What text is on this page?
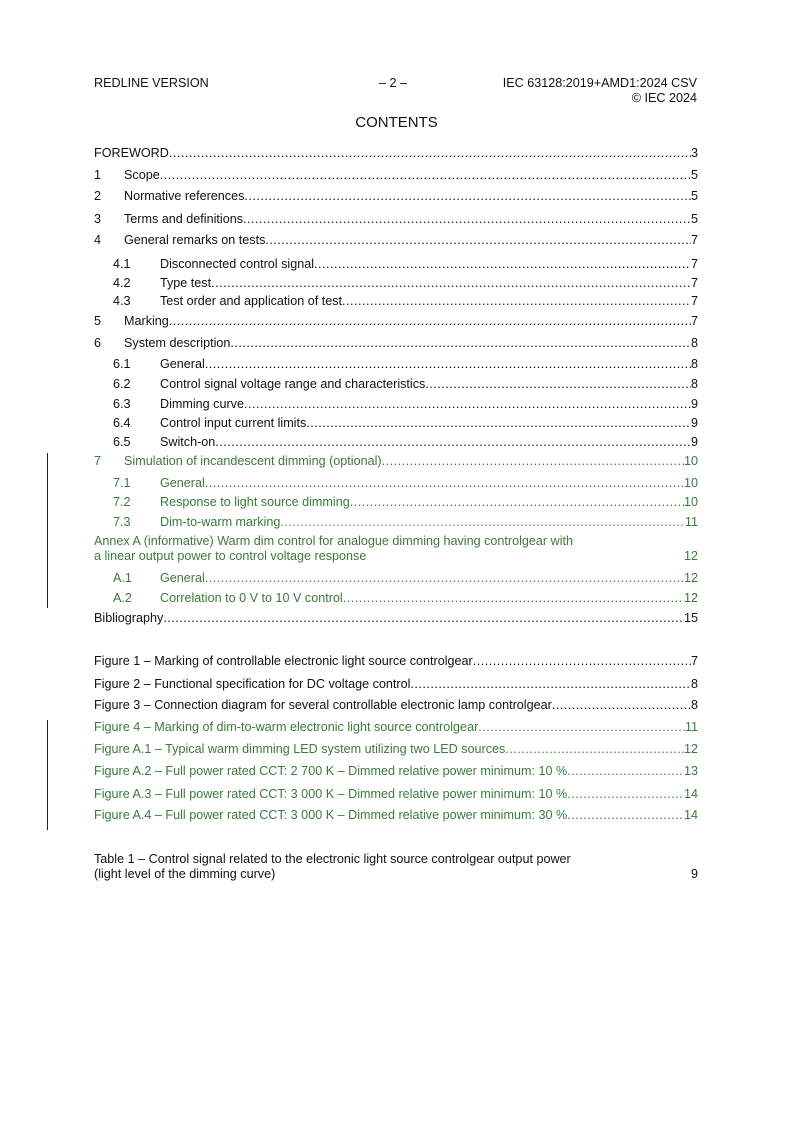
REDLINE VERSION	– 2 –	IEC 63128:2019+AMD1:2024 CSV
© IEC 2024
CONTENTS
Annex A (informative) Warm dim control for analogue dimming having controlgear with
a linear output power to control voltage response	12
Table 1 – Control signal related to the electronic light source controlgear output power
(light level of the dimming curve)	9
FOREWORD .....	3
1	Scope .....	5
2	Normative references .....	5
3	Terms and definitions .....	5
4	General remarks on tests .....	7
4.1	Disconnected control signal .....	7
4.2	Type test .....	7
4.3	Test order and application of test .....	7
5	Marking .....	7
6	System description .....	8
6.1	General .....	8
6.2	Control signal voltage range and characteristics .....	8
6.3	Dimming curve .....	9
6.4	Control input current limits .....	9
6.5	Switch-on .....	9
7	Simulation of incandescent dimming (optional) .....	10
7.1	General .....	10
7.2	Response to light source dimming .....	10
7.3	Dim-to-warm marking .....	11
A.1	General .....	12
A.2	Correlation to 0 V to 10 V control .....	12
Bibliography .....	15
Figure 1 – Marking of controllable electronic light source controlgear .....	7
Figure 2 – Functional specification for DC voltage control .....	8
Figure 3 – Connection diagram for several controllable electronic lamp controlgear .....	8
Figure 4 – Marking of dim-to-warm electronic light source controlgear .....	11
Figure A.1 – Typical warm dimming LED system utilizing two LED sources .....	12
Figure A.2 – Full power rated CCT: 2 700 K – Dimmed relative power minimum: 10 % .....	13
Figure A.3 – Full power rated CCT: 3 000 K – Dimmed relative power minimum: 10 % .....	14
Figure A.4 – Full power rated CCT: 3 000 K – Dimmed relative power minimum: 30 % .....	14
